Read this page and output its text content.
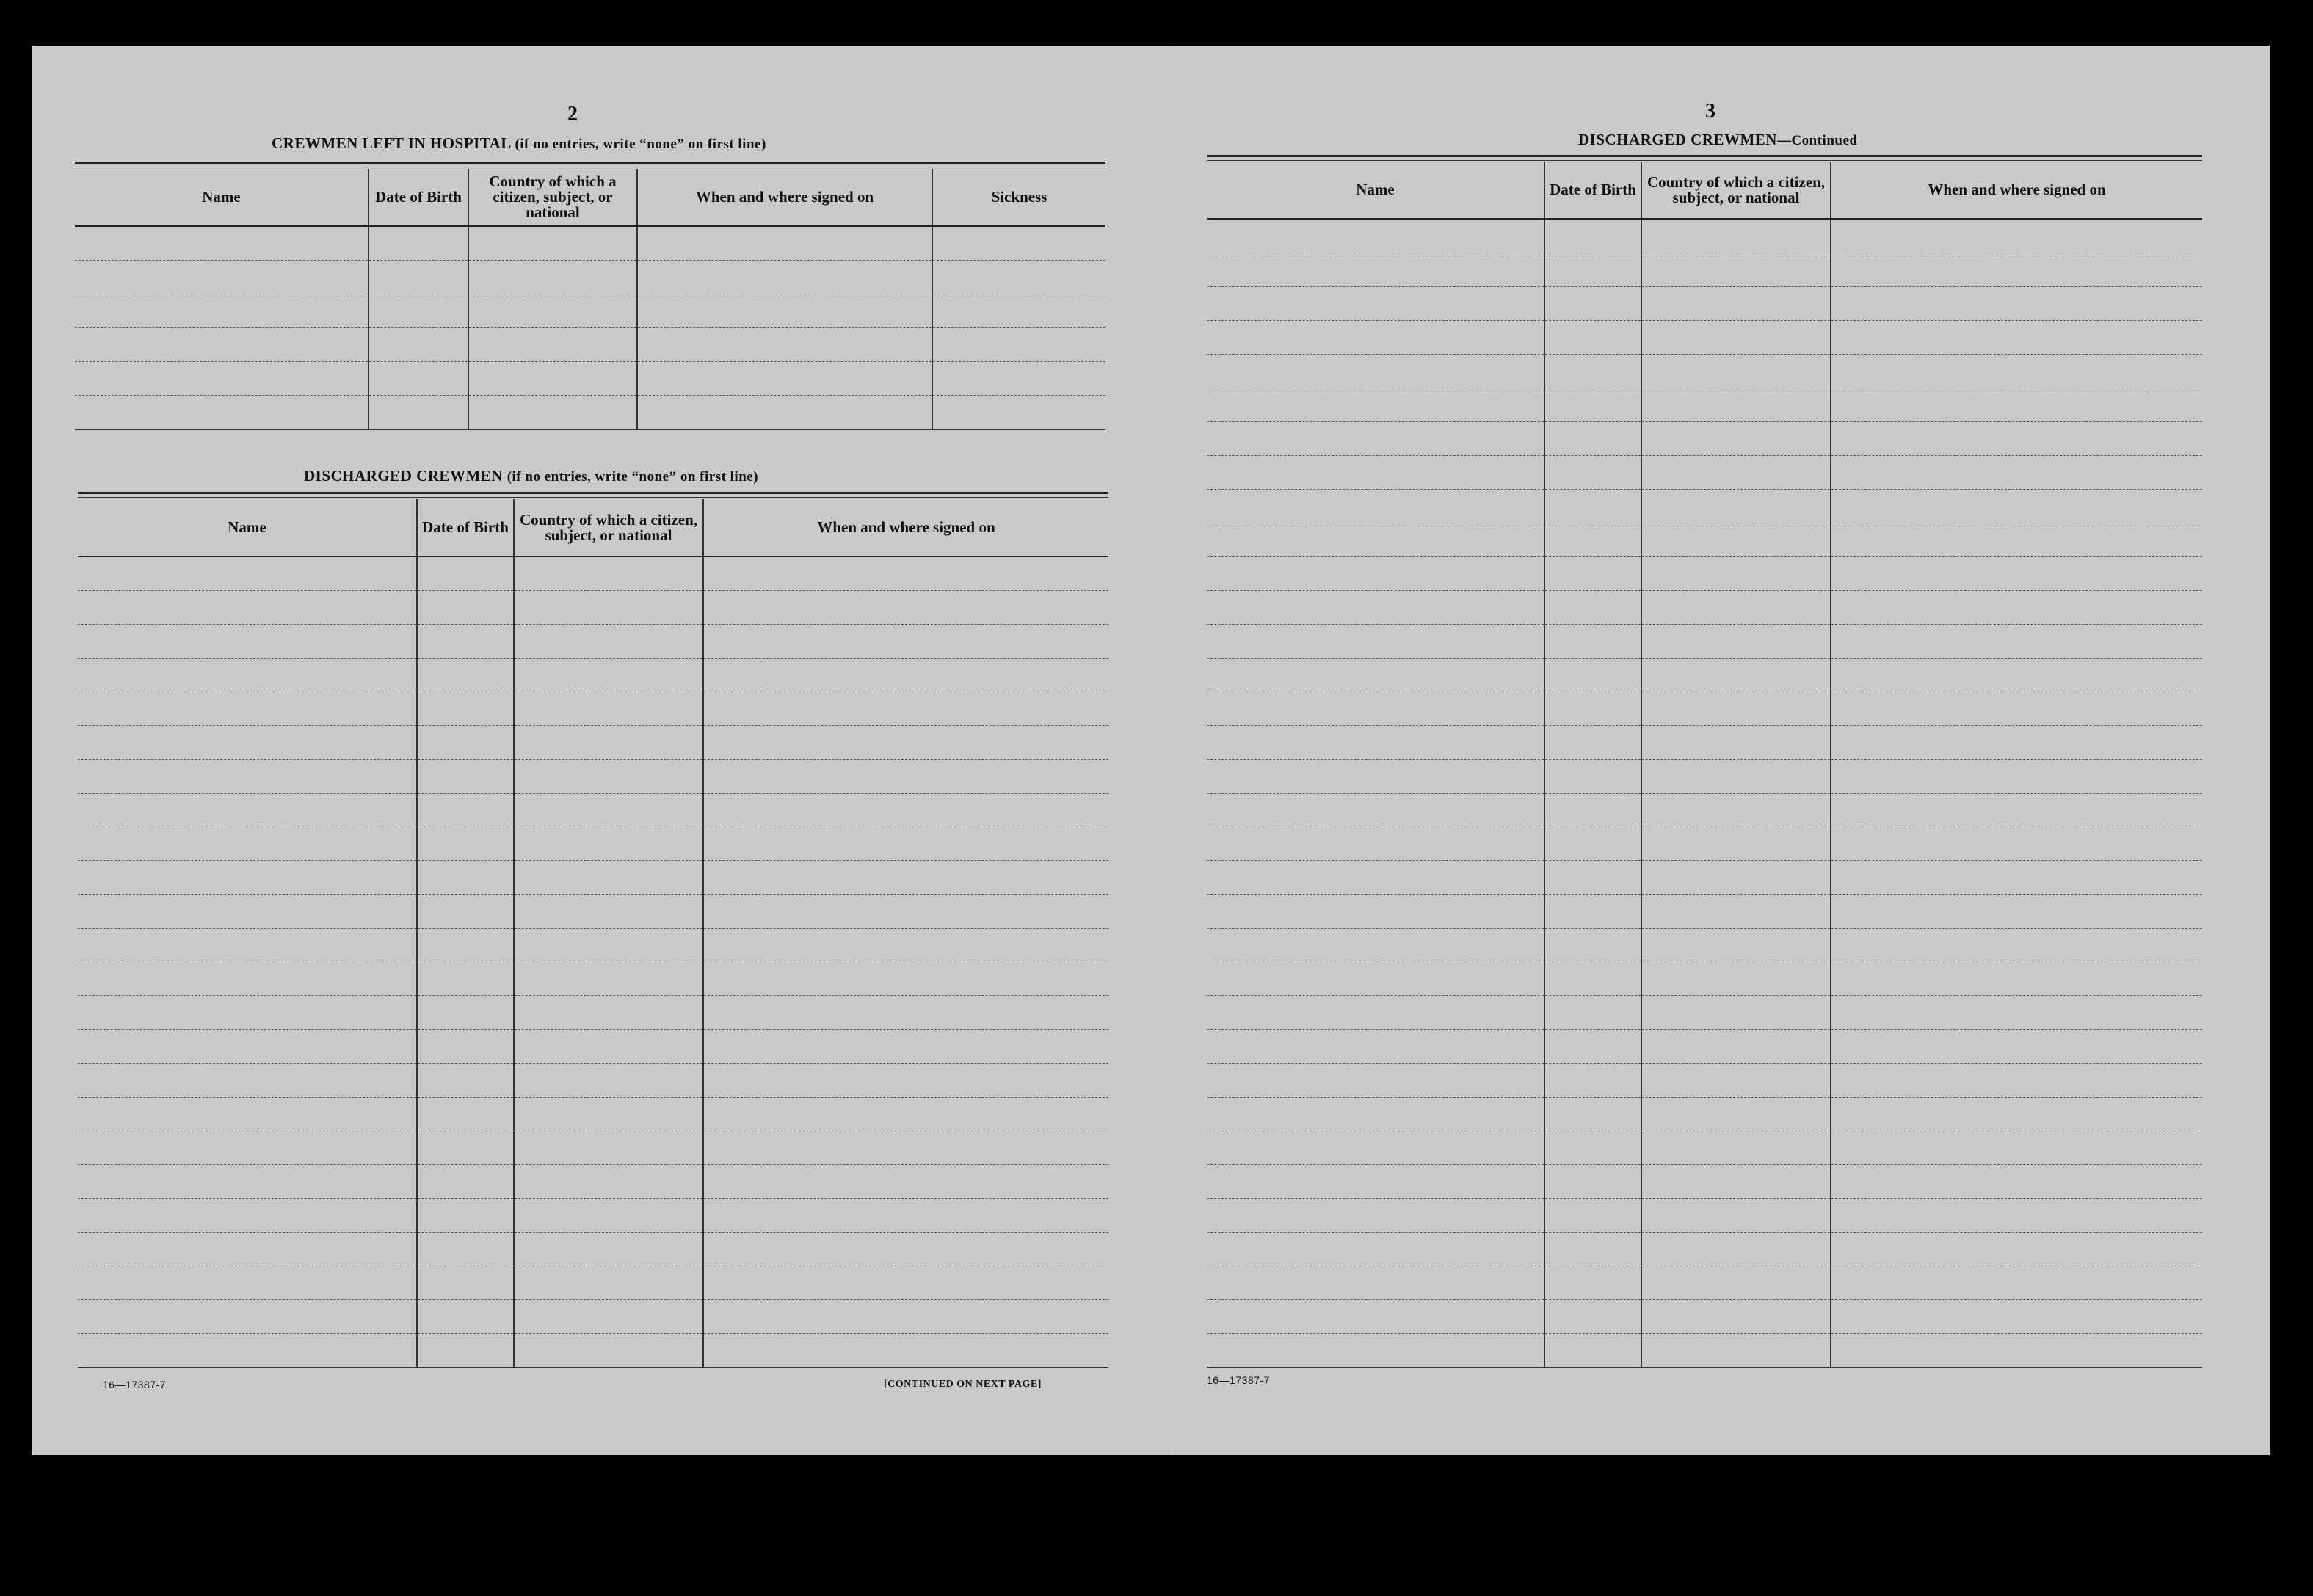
2
CREWMEN LEFT IN HOSPITAL (if no entries, write “none” on first line)
Name	Date of Birth	Country of which a citizen, subject, or national	When and where signed on	Sickness

DISCHARGED CREWMEN (if no entries, write “none” on first line)
Name	Date of Birth	Country of which a citizen, subject, or national	When and where signed on

16—17387-7	[CONTINUED ON NEXT PAGE]
3
DISCHARGED CREWMEN—Continued
Name	Date of Birth	Country of which a citizen, subject, or national	When and where signed on

16—17387-7
